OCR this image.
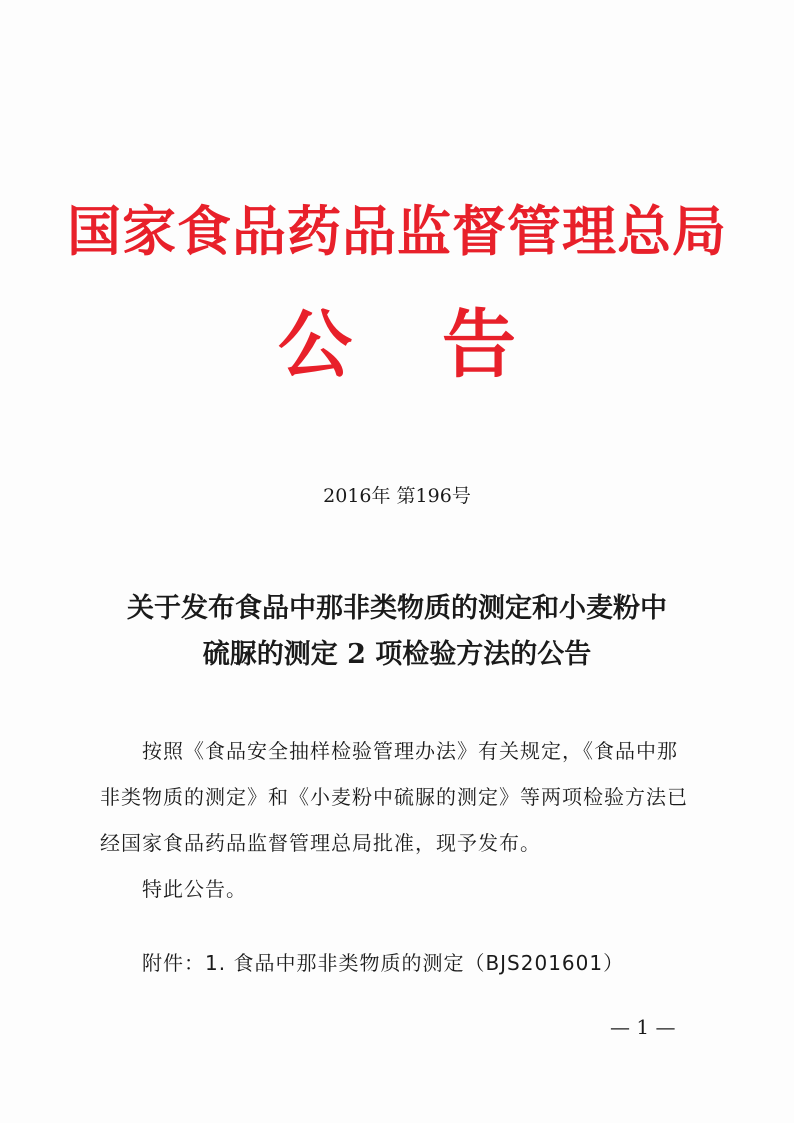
国家食品药品监督管理总局
公 告
2016年 第196号
关于发布食品中那非类物质的测定和小麦粉中
硫脲的测定 2 项检验方法的公告
按照《食品安全抽样检验管理办法》有关规定，《食品中那
非类物质的测定》和《小麦粉中硫脲的测定》等两项检验方法已
经国家食品药品监督管理总局批准，现予发布。
特此公告。
附件：1. 食品中那非类物质的测定（BJS201601）
— 1 —
